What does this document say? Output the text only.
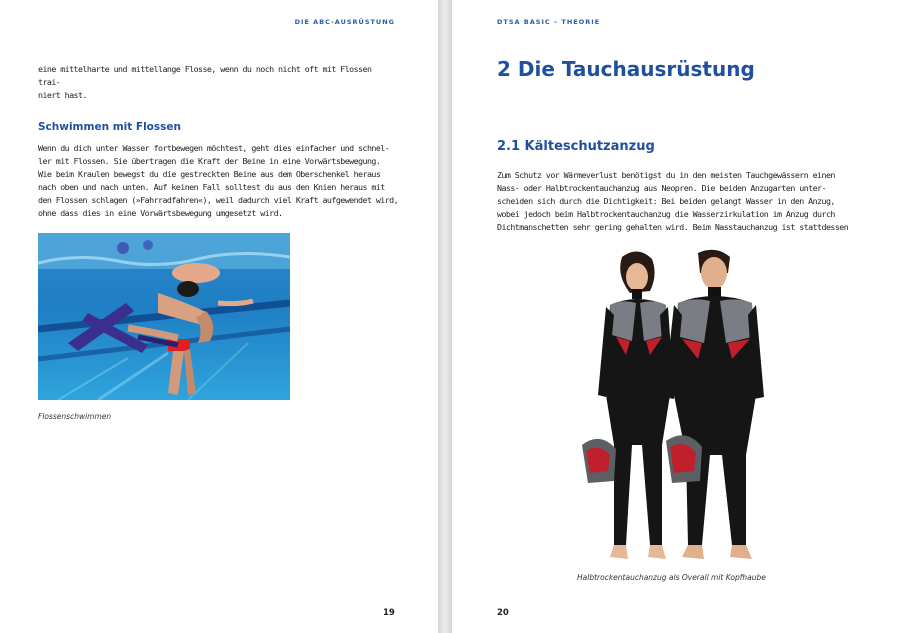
DIE ABC-AUSRÜSTUNG

eine mittelharte und mittellange Flosse, wenn du noch nicht oft mit Flossen trai-

niert hast.

Schwimmen mit Flossen

Wenn du dich unter Wasser fortbewegen möchtest, geht dies einfacher und schnel-

ler mit Flossen. Sie übertragen die Kraft der Beine in eine Vorwärtsbewegung.

Wie beim Kraulen bewegst du die gestreckten Beine aus dem Oberschenkel heraus

nach oben und nach unten. Auf keinen Fall solltest du aus den Knien heraus mit

den Flossen schlagen (»Fahrradfahren«), weil dadurch viel Kraft aufgewendet wird,

ohne dass dies in eine Vorwärtsbewegung umgesetzt wird.

Flossenschwimmen
19
DTSA BASIC – THEORIE
2 Die Tauchausrüstung
2.1 Kälteschutzanzug

Zum Schutz vor Wärmeverlust benötigst du in den meisten Tauchgewässern einen

Nass- oder Halbtrockentauchanzug aus Neopren. Die beiden Anzugarten unter-

scheiden sich durch die Dichtigkeit: Bei beiden gelangt Wasser in den Anzug,

wobei jedoch beim Halbtrockentauchanzug die Wasserzirkulation im Anzug durch

Dichtmanschetten sehr gering gehalten wird. Beim Nasstauchanzug ist stattdessen

Halbtrockentauchanzug als Overall mit Kopfhaube
20
